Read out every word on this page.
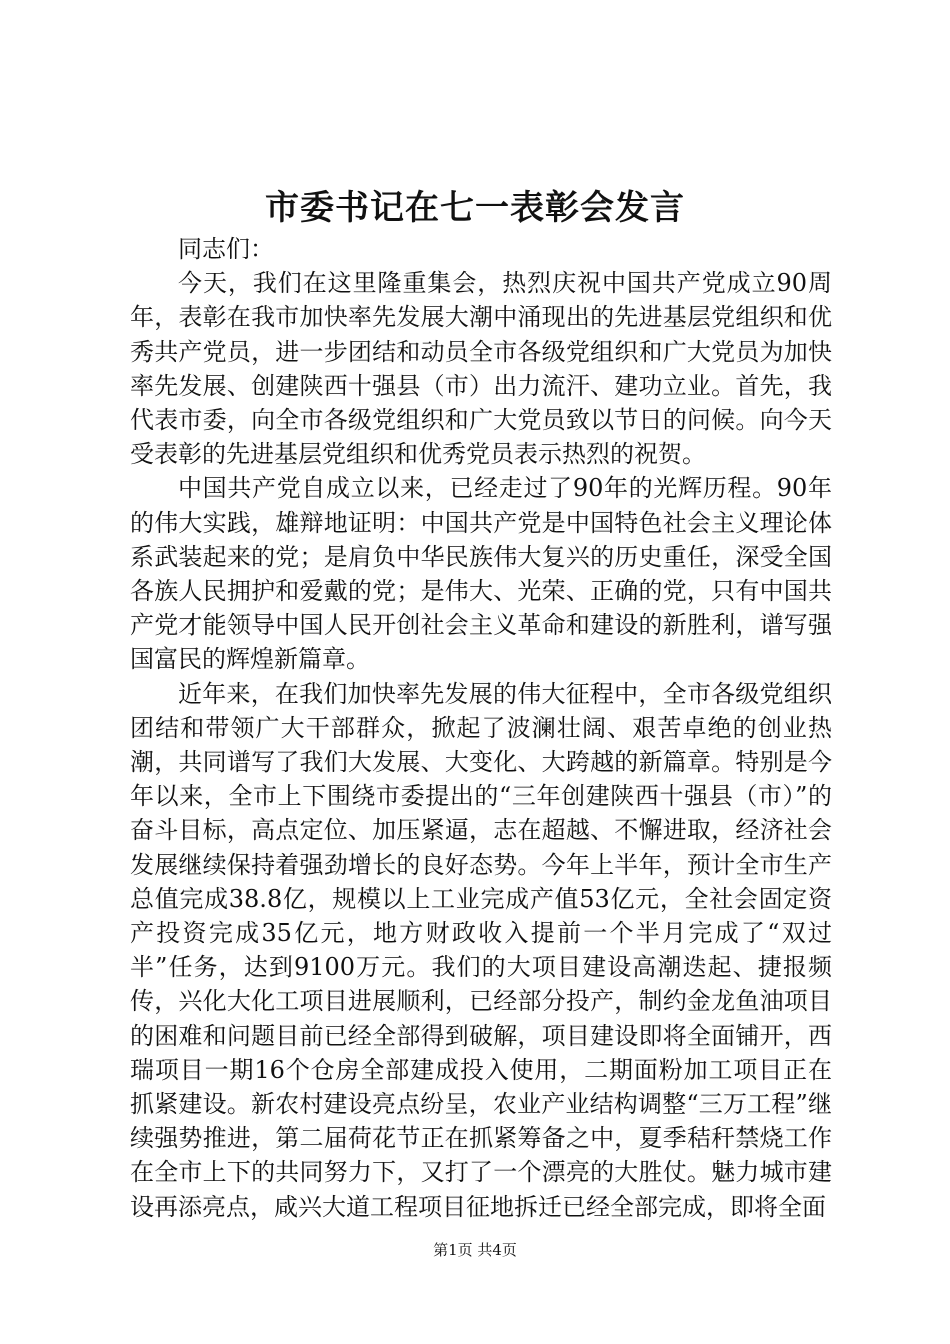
市委书记在七一表彰会发言

同志们：

今天，我们在这里隆重集会，热烈庆祝中国共产党成立90周年，表彰在我市加快率先发展大潮中涌现出的先进基层党组织和优秀共产党员，进一步团结和动员全市各级党组织和广大党员为加快率先发展、创建陕西十强县（市）出力流汗、建功立业。首先，我代表市委，向全市各级党组织和广大党员致以节日的问候。向今天受表彰的先进基层党组织和优秀党员表示热烈的祝贺。

中国共产党自成立以来，已经走过了90年的光辉历程。90年的伟大实践，雄辩地证明：中国共产党是中国特色社会主义理论体系武装起来的党；是肩负中华民族伟大复兴的历史重任，深受全国各族人民拥护和爱戴的党；是伟大、光荣、正确的党，只有中国共产党才能领导中国人民开创社会主义革命和建设的新胜利，谱写强国富民的辉煌新篇章。

近年来，在我们加快率先发展的伟大征程中，全市各级党组织团结和带领广大干部群众，掀起了波澜壮阔、艰苦卓绝的创业热潮，共同谱写了我们大发展、大变化、大跨越的新篇章。特别是今年以来，全市上下围绕市委提出的“三年创建陕西十强县（市）”的奋斗目标，高点定位、加压紧逼，志在超越、不懈进取，经济社会发展继续保持着强劲增长的良好态势。今年上半年，预计全市生产总值完成38.8亿，规模以上工业完成产值53亿元，全社会固定资产投资完成35亿元，地方财政收入提前一个半月完成了“双过半”任务，达到9100万元。我们的大项目建设高潮迭起、捷报频传，兴化大化工项目进展顺利，已经部分投产，制约金龙鱼油项目的困难和问题目前已经全部得到破解，项目建设即将全面铺开，西瑞项目一期16个仓房全部建成投入使用，二期面粉加工项目正在抓紧建设。新农村建设亮点纷呈，农业产业结构调整“三万工程”继续强势推进，第二届荷花节正在抓紧筹备之中，夏季秸秆禁烧工作在全市上下的共同努力下，又打了一个漂亮的大胜仗。魅力城市建设再添亮点，咸兴大道工程项目征地拆迁已经全部完成，即将全面

第1页 共4页
